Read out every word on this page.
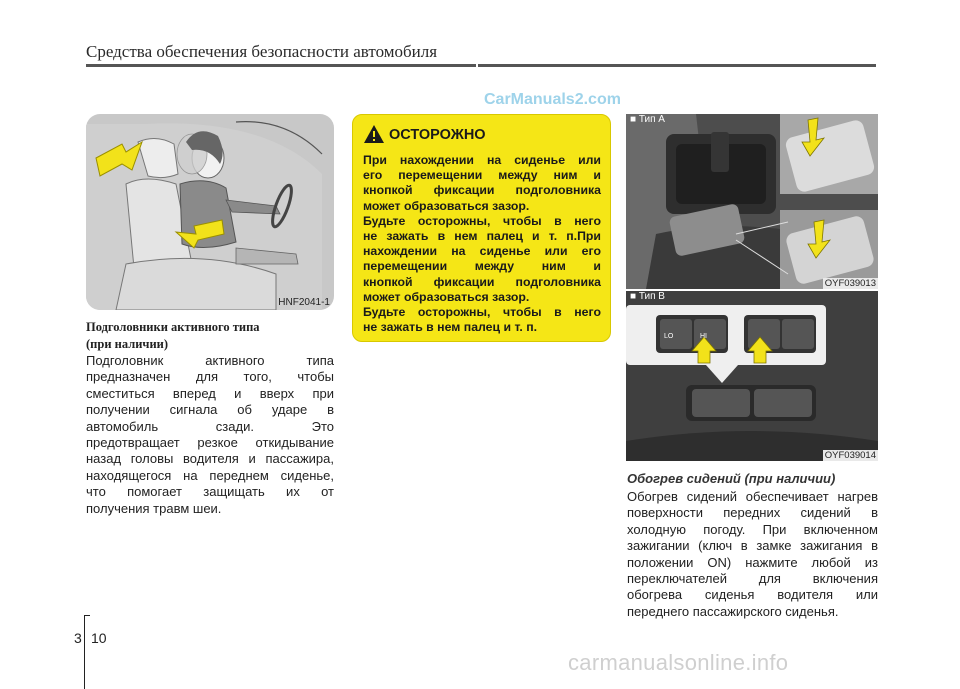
Средства обеспечения безопасности автомобиля
CarManuals2.com
HNF2041-1
Подголовники активного типа
(при наличии)
Подголовник активного типа
предназначен для того, чтобы
сместиться вперед и вверх при
получении сигнала об ударе в
автомобиль сзади. Это
предотвращает резкое откидывание
назад головы водителя и пассажира,
находящегося на переднем сиденье,
что помогает защищать их от
получения травм шеи.
ОСТОРОЖНО
При нахождении на сиденье или
его перемещении между ним и
кнопкой фиксации подголовника
может образоваться зазор.
Будьте осторожны, чтобы в него
не зажать в нем палец и т. п.При
нахождении на сиденье или его
перемещении между ним и
кнопкой фиксации подголовника
может образоваться зазор.
Будьте осторожны, чтобы в него
не зажать в нем палец и т. п.
■ Тип A
OYF039013
■ Тип B
LO	HI
OYF039014
Обогрев сидений (при наличии)
Обогрев сидений обеспечивает нагрев
поверхности передних сидений в
холодную погоду. При включенном
зажигании (ключ в замке зажигания в
положении ON) нажмите любой из
переключателей для включения
обогрева сиденья водителя или
переднего пассажирского сиденья.
3 10
carmanualsonline.info
